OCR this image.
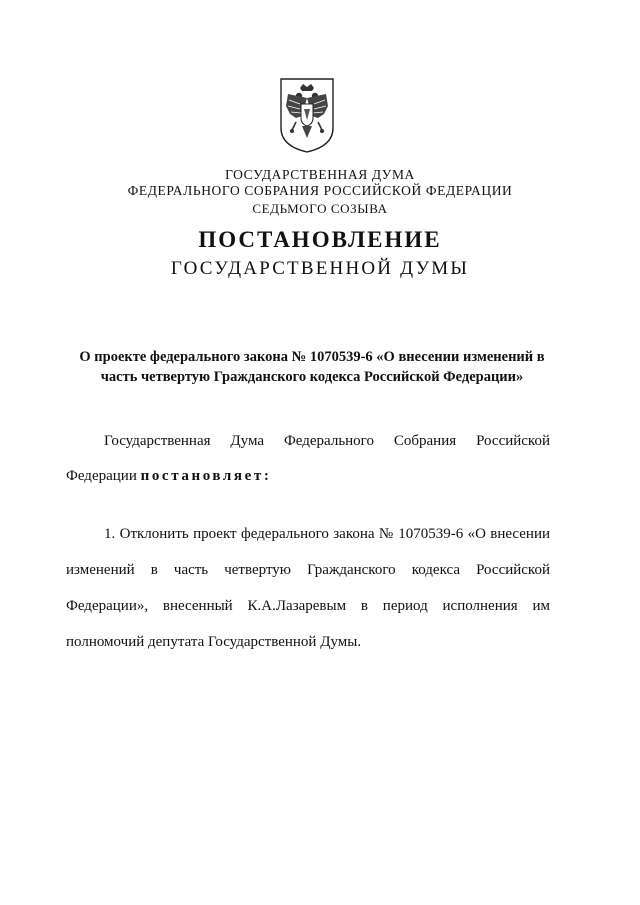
ГОСУДАРСТВЕННАЯ ДУМА
ФЕДЕРАЛЬНОГО СОБРАНИЯ РОССИЙСКОЙ ФЕДЕРАЦИИ
СЕДЬМОГО СОЗЫВА
ПОСТАНОВЛЕНИЕ
ГОСУДАРСТВЕННОЙ ДУМЫ
О проекте федерального закона № 1070539-6 «О внесении изменений в
часть четвертую Гражданского кодекса Российской Федерации»
Государственная Дума Федерального Собрания Российской
Федерации постановляет:
1. Отклонить проект федерального закона № 1070539-6 «О внесении
изменений в часть четвертую Гражданского кодекса Российской
Федерации», внесенный К.А.Лазаревым в период исполнения им
полномочий депутата Государственной Думы.
